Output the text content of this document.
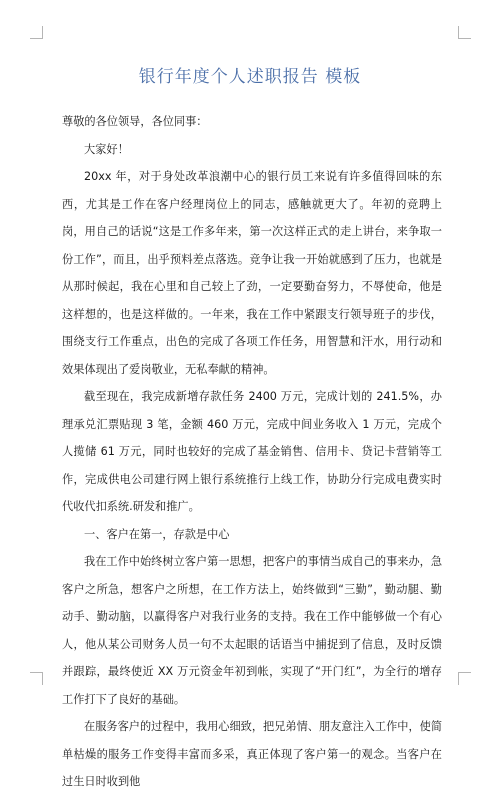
银行年度个人述职报告 模板

尊敬的各位领导，各位同事：

大家好！

20xx 年，对于身处改革浪潮中心的银行员工来说有许多值得回味的东西，尤其是工作在客户经理岗位上的同志，感触就更大了。年初的竞聘上岗，用自己的话说“这是工作多年来，第一次这样正式的走上讲台，来争取一份工作”，而且，出乎预料差点落选。竞争让我一开始就感到了压力，也就是从那时候起，我在心里和自己较上了劲，一定要勤奋努力，不辱使命，他是这样想的，也是这样做的。一年来，我在工作中紧跟支行领导班子的步伐，围绕支行工作重点，出色的完成了各项工作任务，用智慧和汗水，用行动和效果体现出了爱岗敬业，无私奉献的精神。

截至现在，我完成新增存款任务 2400 万元，完成计划的 241.5%，办理承兑汇票贴现 3 笔，金额 460 万元，完成中间业务收入 1 万元，完成个人揽储 61 万元，同时也较好的完成了基金销售、信用卡、贷记卡营销等工作，完成供电公司建行网上银行系统推行上线工作，协助分行完成电费实时代收代扣系统.研发和推广。

一、客户在第一，存款是中心

我在工作中始终树立客户第一思想，把客户的事情当成自己的事来办，急客户之所急，想客户之所想，在工作方法上，始终做到“三勤”，勤动腿、勤动手、勤动脑，以赢得客户对我行业务的支持。我在工作中能够做一个有心人，他从某公司财务人员一句不太起眼的话语当中捕捉到了信息，及时反馈并跟踪，最终使近 XX 万元资金年初到帐，实现了“开门红”，为全行的增存工作打下了良好的基础。

在服务客户的过程中，我用心细致，把兄弟情、朋友意注入工作中，使简单枯燥的服务工作变得丰富而多采，真正体现了客户第一的观念。当客户在过生日时收到他
